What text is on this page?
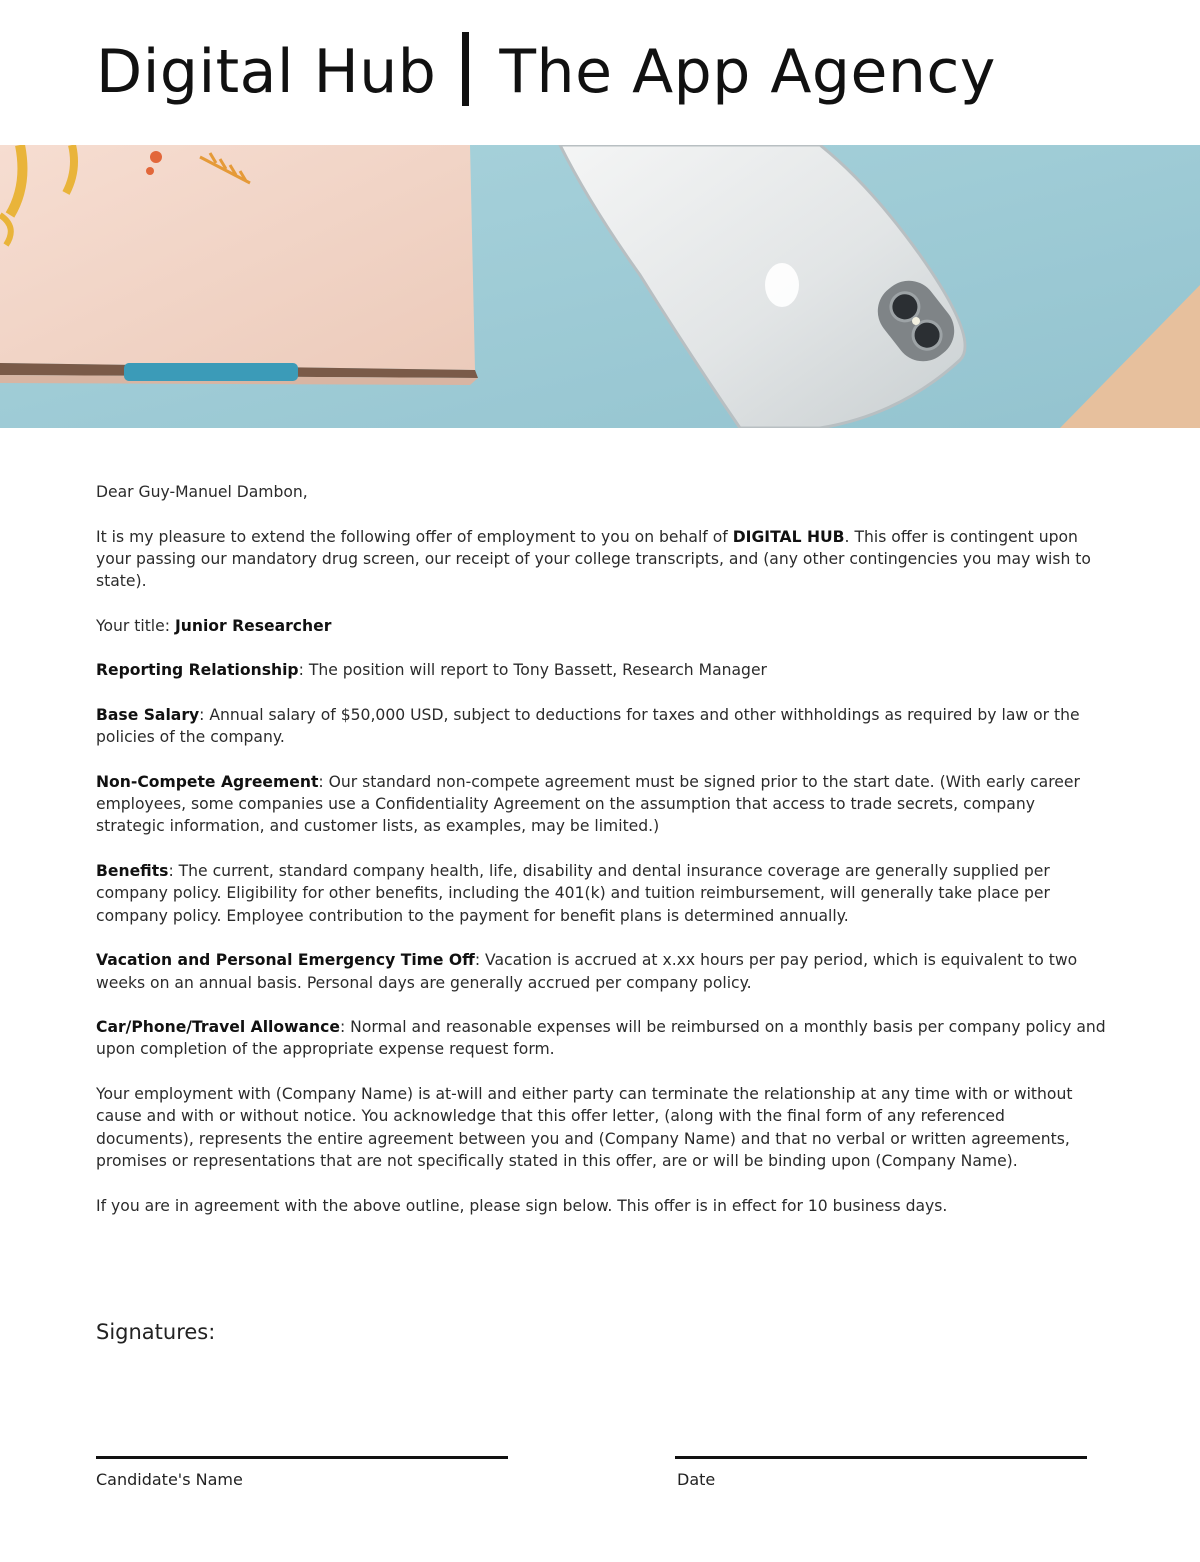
Digital Hub The App Agency

Dear Guy-Manuel Dambon,

It is my pleasure to extend the following offer of employment to you on behalf of DIGITAL HUB. This offer is contingent upon your passing our mandatory drug screen, our receipt of your college transcripts, and (any other contingencies you may wish to state).

Your title: Junior Researcher

Reporting Relationship: The position will report to Tony Bassett, Research Manager

Base Salary: Annual salary of $50,000 USD, subject to deductions for taxes and other withholdings as required by law or the policies of the company.

Non-Compete Agreement: Our standard non-compete agreement must be signed prior to the start date. (With early career employees, some companies use a Confidentiality Agreement on the assumption that access to trade secrets, company strategic information, and customer lists, as examples, may be limited.)

Benefits: The current, standard company health, life, disability and dental insurance coverage are generally supplied per company policy. Eligibility for other benefits, including the 401(k) and tuition reimbursement, will generally take place per company policy. Employee contribution to the payment for benefit plans is determined annually.

Vacation and Personal Emergency Time Off: Vacation is accrued at x.xx hours per pay period, which is equivalent to two weeks on an annual basis. Personal days are generally accrued per company policy.

Car/Phone/Travel Allowance: Normal and reasonable expenses will be reimbursed on a monthly basis per company policy and upon completion of the appropriate expense request form.

Your employment with (Company Name) is at-will and either party can terminate the relationship at any time with or without cause and with or without notice. You acknowledge that this offer letter, (along with the final form of any referenced documents), represents the entire agreement between you and (Company Name) and that no verbal or written agreements, promises or representations that are not specifically stated in this offer, are or will be binding upon (Company Name).

If you are in agreement with the above outline, please sign below. This offer is in effect for 10 business days.

Signatures:
Candidate's Name	Date
